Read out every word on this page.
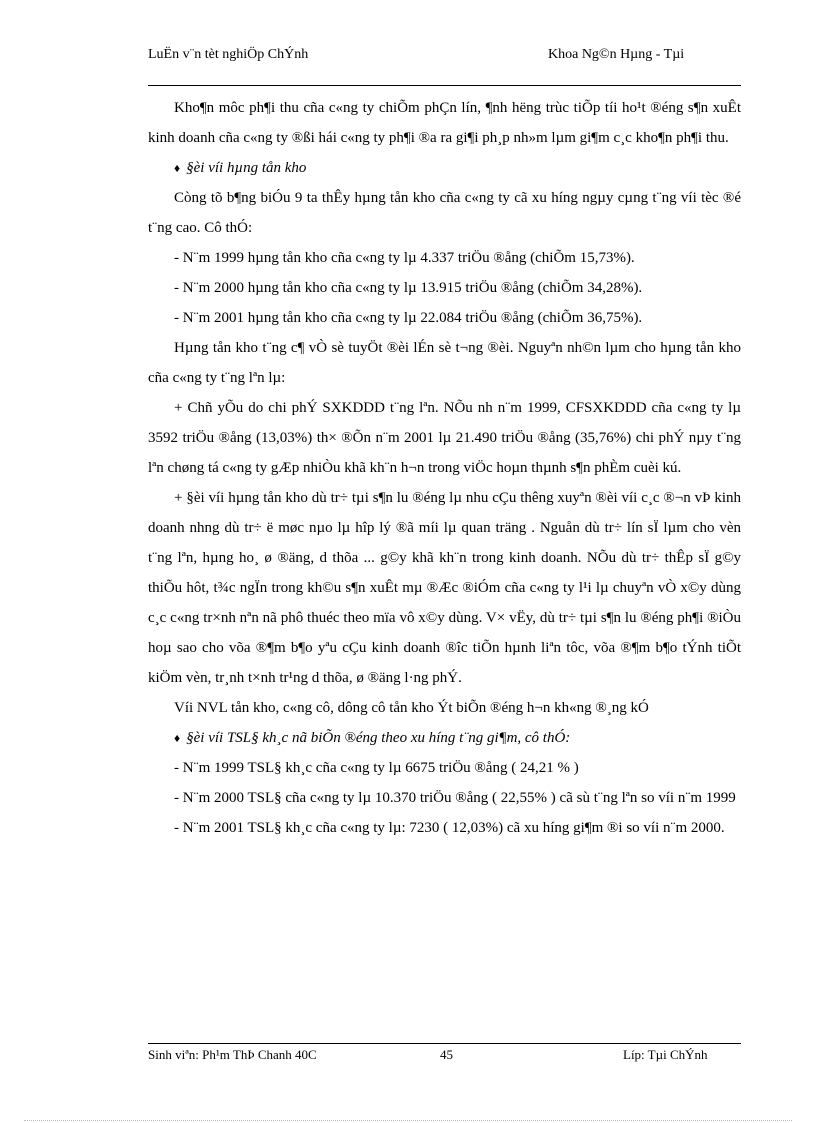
LuËn v¨n tèt nghiÖp ChÝnh	Khoa Ng©n Hµng - Tµi

Kho¶n môc ph¶i thu cña c«ng ty chiÕm phÇn lín, ¶nh hëng trùc tiÕp tíi ho¹t ®éng s¶n xuÊt kinh doanh cña c«ng ty ®ßi hái c«ng ty ph¶i ®a ra gi¶i ph¸p nh»m lµm gi¶m c¸c kho¶n ph¶i thu.

♦ §èi víi hµng tån kho

Còng tõ b¶ng biÓu 9 ta thÊy hµng tån kho cña c«ng ty cã xu híng ngµy cµng t¨ng víi tèc ®é t¨ng cao. Cô thÓ:

- N¨m 1999 hµng tån kho cña c«ng ty lµ 4.337 triÖu ®ång (chiÕm 15,73%).

- N¨m 2000 hµng tån kho cña c«ng ty lµ 13.915 triÖu ®ång (chiÕm 34,28%).

- N¨m 2001 hµng tån kho cña c«ng ty lµ 22.084 triÖu ®ång (chiÕm 36,75%).

Hµng tån kho t¨ng c¶ vÒ sè tuyÖt ®èi lÉn sè t¬ng ®èi. Nguyªn nh©n lµm cho hµng tån kho cña c«ng ty t¨ng lªn lµ:

+ Chñ yÕu do chi phÝ SXKDDD t¨ng lªn. NÕu nh n¨m 1999, CFSXKDDD cña c«ng ty lµ 3592 triÖu ®ång (13,03%) th× ®Õn n¨m 2001 lµ 21.490 triÖu ®ång (35,76%) chi phÝ nµy t¨ng lªn chøng tá c«ng ty gÆp nhiÒu khã kh¨n h¬n trong viÖc hoµn thµnh s¶n phÈm cuèi kú.

+ §èi víi hµng tån kho dù tr÷ tµi s¶n lu ®éng lµ nhu cÇu thêng xuyªn ®èi víi c¸c ®¬n vÞ kinh doanh nhng dù tr÷ ë møc nµo lµ hîp lý ®ã míi lµ quan träng . Nguån dù tr÷ lín sÏ lµm cho vèn t¨ng lªn, hµng ho¸ ø ®äng, d thõa ... g©y khã kh¨n trong kinh doanh. NÕu dù tr÷ thÊp sÏ g©y thiÕu hôt, t¾c ngÏn trong kh©u s¶n xuÊt mµ ®Æc ®iÓm cña c«ng ty l¹i lµ chuyªn vÒ x©y dùng c¸c c«ng tr×nh nªn nã phô thuéc theo mïa vô x©y dùng. V× vËy, dù tr÷ tµi s¶n lu ®éng ph¶i ®iÒu hoµ sao cho võa ®¶m b¶o yªu cÇu kinh doanh ®îc tiÕn hµnh liªn tôc, võa ®¶m b¶o tÝnh tiÕt kiÖm vèn, tr¸nh t×nh tr¹ng d thõa, ø ®äng l·ng phÝ.

Víi NVL tån kho, c«ng cô, dông cô tån kho Ýt biÕn ®éng h¬n kh«ng ®¸ng kÓ

♦ §èi víi TSL§ kh¸c nã biÕn ®éng theo xu híng t¨ng gi¶m, cô thÓ:

- N¨m 1999 TSL§ kh¸c cña c«ng ty lµ 6675 triÖu ®ång ( 24,21 % )

- N¨m 2000 TSL§ cña c«ng ty lµ 10.370 triÖu ®ång ( 22,55% ) cã sù t¨ng lªn so víi n¨m 1999

- N¨m 2001 TSL§ kh¸c cña c«ng ty lµ: 7230 ( 12,03%) cã xu híng gi¶m ®i so víi n¨m 2000.

Sinh viªn: Ph¹m ThÞ Chanh 40C	45	Líp: Tµi ChÝnh
